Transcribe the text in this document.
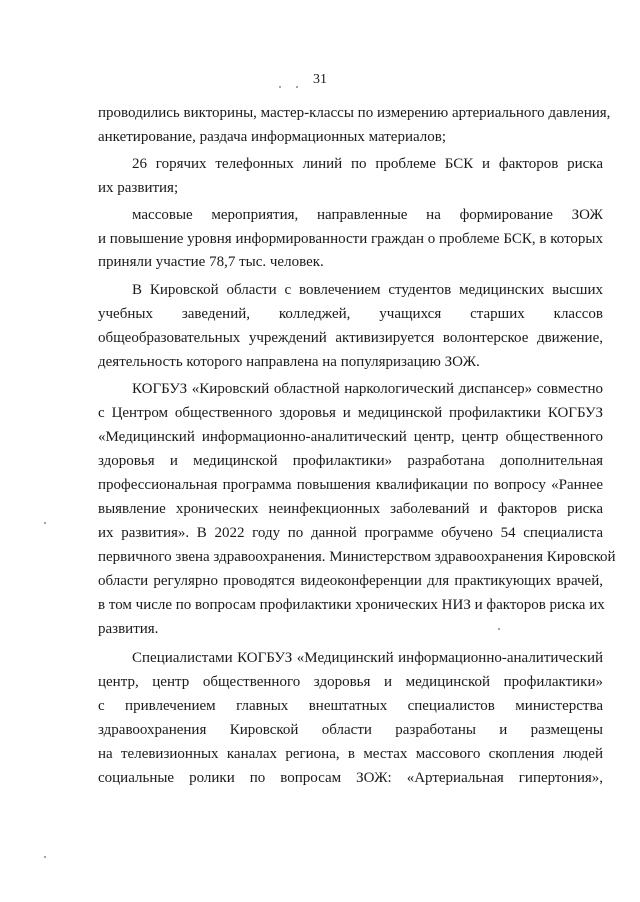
31
проводились викторины, мастер-классы по измерению артериального давления,
анкетирование, раздача информационных материалов;
26 горячих телефонных линий по проблеме БСК и факторов риска
их развития;
массовые мероприятия, направленные на формирование ЗОЖ
и повышение уровня информированности граждан о проблеме БСК, в которых
приняли участие 78,7 тыс. человек.
В Кировской области с вовлечением студентов медицинских высших
учебных заведений, колледжей, учащихся старших классов
общеобразовательных учреждений активизируется волонтерское движение,
деятельность которого направлена на популяризацию ЗОЖ.
КОГБУЗ «Кировский областной наркологический диспансер» совместно
с Центром общественного здоровья и медицинской профилактики КОГБУЗ
«Медицинский информационно-аналитический центр, центр общественного
здоровья и медицинской профилактики» разработана дополнительная
профессиональная программа повышения квалификации по вопросу «Раннее
выявление хронических неинфекционных заболеваний и факторов риска
их развития». В 2022 году по данной программе обучено 54 специалиста
первичного звена здравоохранения. Министерством здравоохранения Кировской
области регулярно проводятся видеоконференции для практикующих врачей,
в том числе по вопросам профилактики хронических НИЗ и факторов риска их
развития.
Специалистами КОГБУЗ «Медицинский информационно-аналитический
центр, центр общественного здоровья и медицинской профилактики»
с привлечением главных внештатных специалистов министерства
здравоохранения Кировской области разработаны и размещены
на телевизионных каналах региона, в местах массового скопления людей
социальные ролики по вопросам ЗОЖ: «Артериальная гипертония»,
